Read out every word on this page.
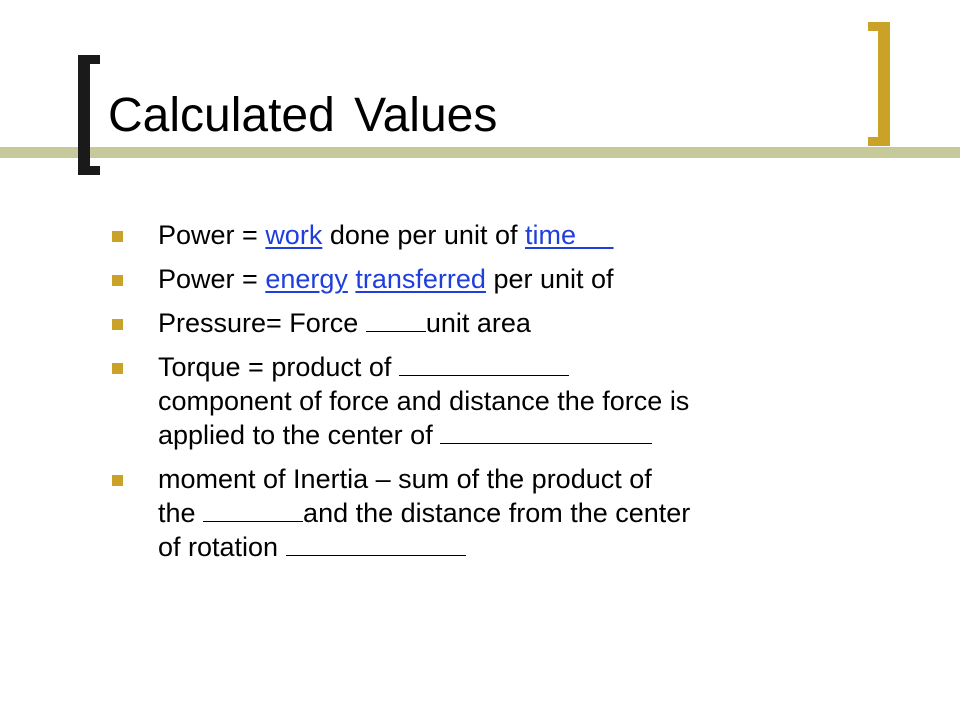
Calculated Values
Power = work done per unit of time
Power = energy transferred per unit of
Pressure= Force unit area
Torque = product of
component of force and distance the force is
applied to the center of
moment of Inertia – sum of the product of
the	and the distance from the center
of rotation
